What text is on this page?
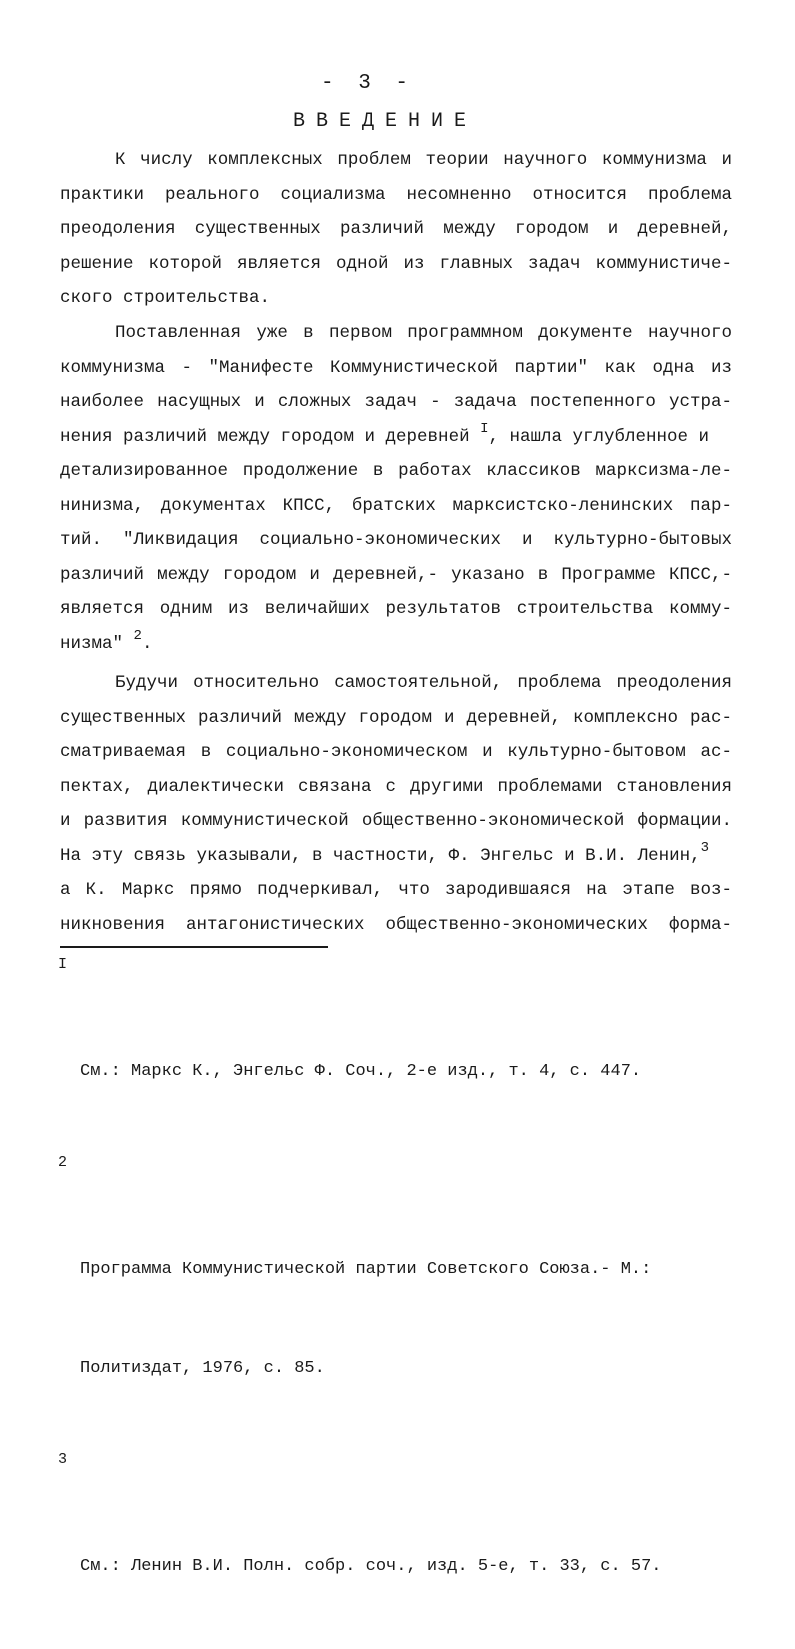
- 3 -
ВВЕДЕНИЕ
К числу комплексных проблем теории научного коммунизма и
практики реального социализма несомненно относится проблема
преодоления существенных различий между городом и деревней,
решение которой является одной из главных задач коммунистиче-
ского строительства.
Поставленная уже в первом программном документе научного
коммунизма - "Манифесте Коммунистической партии" как одна из
наиболее насущных и сложных задач - задача постепенного устра-
нения различий между городом и деревней $^I$, нашла углубленное и
детализированное продолжение в работах классиков марксизма-ле-
нинизма, документах КПСС, братских марксистско-ленинских пар-
тий. "Ликвидация социально-экономических и культурно-бытовых
различий между городом и деревней,- указано в Программе КПСС,-
является одним из величайших результатов строительства комму-
низма" $^2$.
Будучи относительно самостоятельной, проблема преодоления
существенных различий между городом и деревней, комплексно рас-
сматриваемая в социально-экономическом и культурно-бытовом ас-
пектах, диалектически связана с другими проблемами становления
и развития коммунистической общественно-экономической формации.
На эту связь указывали, в частности, Ф. Энгельс и В.И. Ленин,$^3$
а К. Маркс прямо подчеркивал, что зародившаяся на этапе воз-
никновения антагонистических общественно-экономических форма-

I

См.: Маркс К., Энгельс Ф. Соч., 2-е изд., т. 4, с. 447.

2

Программа Коммунистической партии Советского Союза.- М.:

Политиздат, 1976, с. 85.

3

См.: Ленин В.И. Полн. собр. соч., изд. 5-е, т. 33, с. 57.
